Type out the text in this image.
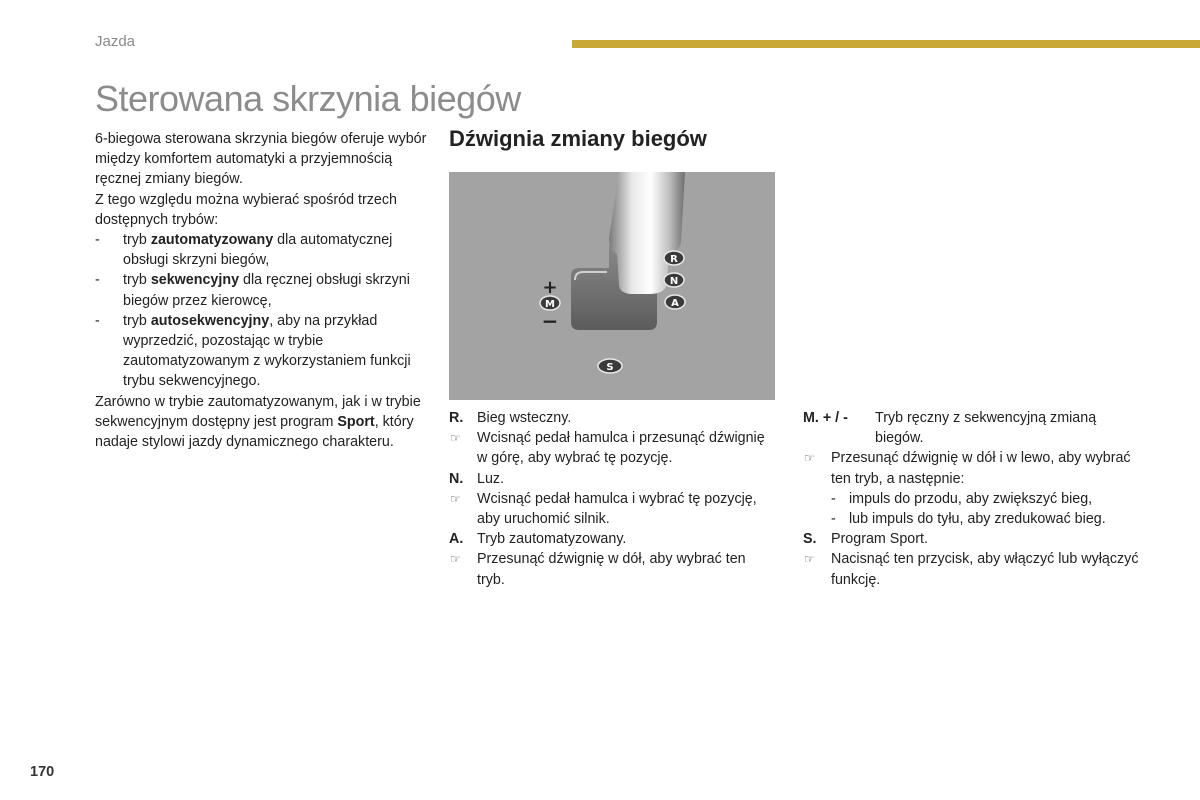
Jazda
Sterowana skrzynia biegów

6-biegowa sterowana skrzynia biegów oferuje wybór między komfortem automatyki a przyjemnością ręcznej zmiany biegów.

Z tego względu można wybierać spośród trzech dostępnych trybów:

- tryb zautomatyzowany dla automatycznej obsługi skrzyni biegów,
- tryb sekwencyjny dla ręcznej obsługi skrzyni biegów przez kierowcę,
- tryb autosekwencyjny, aby na przykład wyprzedzić, pozostając w trybie zautomatyzowanym z wykorzystaniem funkcji trybu sekwencyjnego.

Zarówno w trybie zautomatyzowanym, jak i w trybie sekwencyjnym dostępny jest program Sport, który nadaje stylowi jazdy dynamicznego charakteru.

Dźwignia zmiany biegów
R
N
A
M
+
−
S
R. Bieg wsteczny.
☞	Wcisnąć pedał hamulca i przesunąć dźwignię w górę, aby wybrać tę pozycję.
N. Luz.
☞	Wcisnąć pedał hamulca i wybrać tę pozycję, aby uruchomić silnik.
A. Tryb zautomatyzowany.
☞	Przesunąć dźwignię w dół, aby wybrać ten tryb.
M. + / -	Tryb ręczny z sekwencyjną zmianą biegów.
☞	Przesunąć dźwignię w dół i w lewo, aby wybrać ten tryb, a następnie:
- impuls do przodu, aby zwiększyć bieg,
- lub impuls do tyłu, aby zredukować bieg.
S.	Program Sport.
☞	Nacisnąć ten przycisk, aby włączyć lub wyłączyć funkcję.
170
